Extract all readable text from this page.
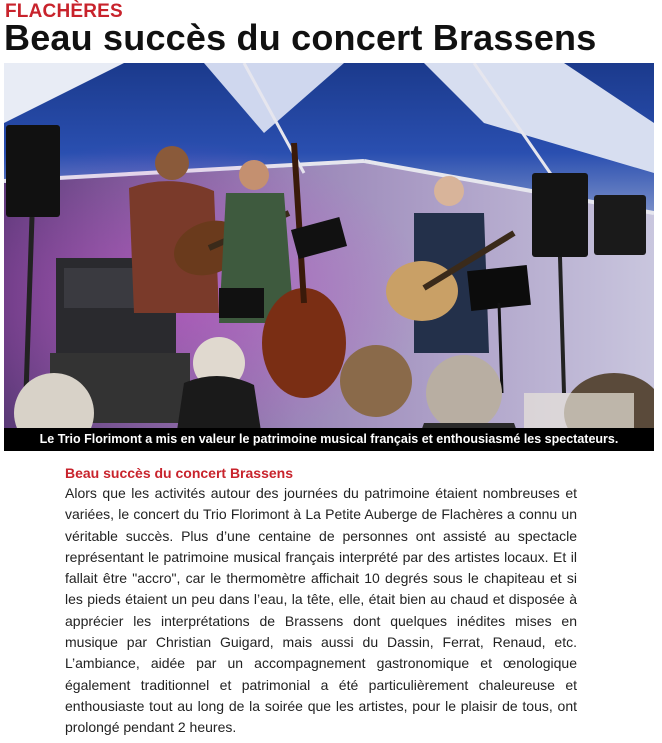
FLACHÈRES
Beau succès du concert Brassens
Le Trio Florimont a mis en valeur le patrimoine musical français et enthousiasmé les spectateurs.
Beau succès du concert Brassens

Alors que les activités autour des journées du patrimoine étaient nombreuses et variées, le concert du Trio Florimont à La Petite Auberge de Flachères a connu un véritable succès. Plus d’une centaine de personnes ont assisté au spectacle représentant le patrimoine musical français interprété par des artistes locaux. Et il fallait être "accro", car le thermomètre affichait 10 degrés sous le chapiteau et si les pieds étaient un peu dans l’eau, la tête, elle, était bien au chaud et disposée à apprécier les interprétations de Brassens dont quelques inédites mises en musique par Christian Guigard, mais aussi du Dassin, Ferrat, Renaud, etc. L’ambiance, aidée par un accompagnement gastronomique et œnologique également traditionnel et patrimonial a été particulièrement chaleureuse et enthousiaste tout au long de la soirée que les artistes, pour le plaisir de tous, ont prolongé pendant 2 heures.
